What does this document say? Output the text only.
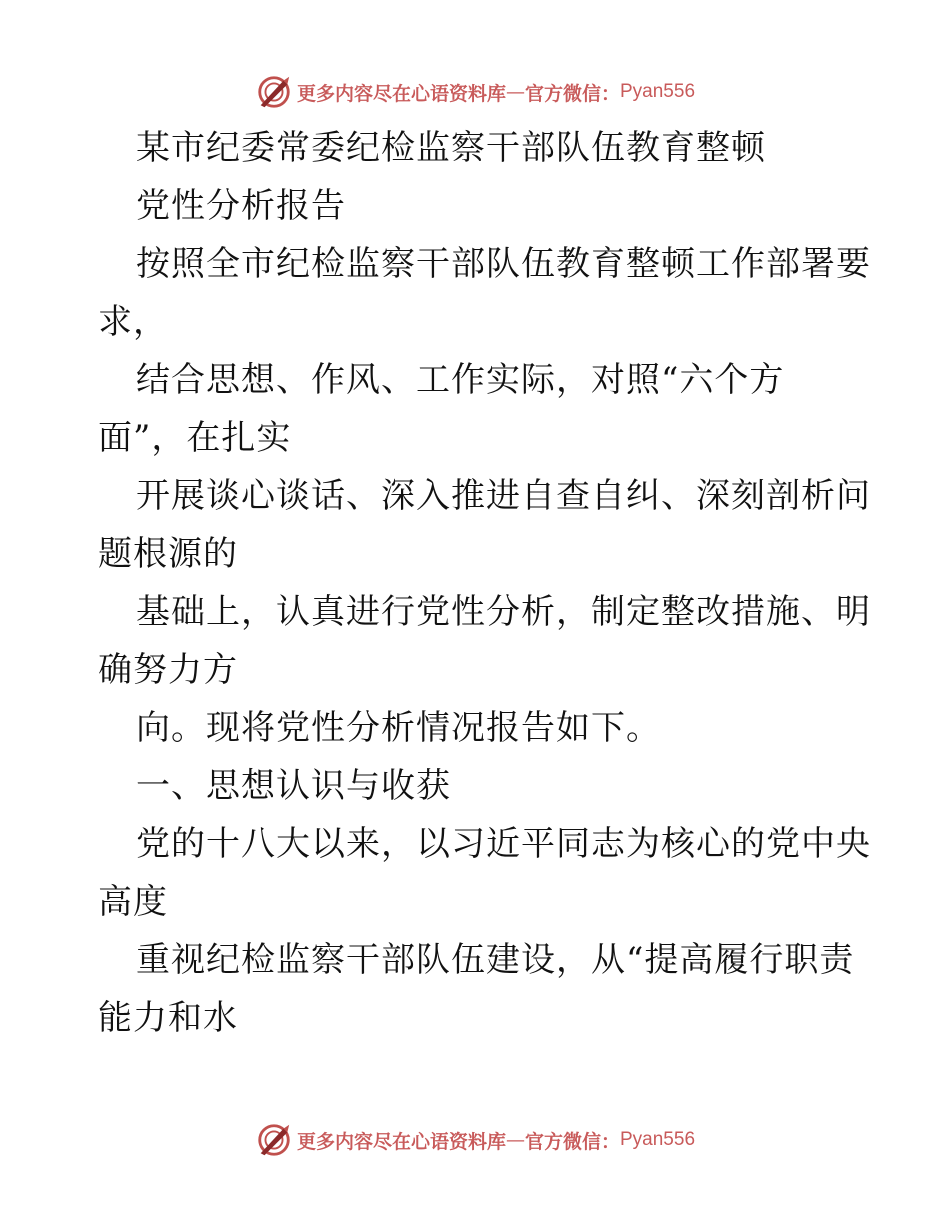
更多内容尽在心语资料库 — 官方微信： Pyan556
某市纪委常委纪检监察干部队伍教育整顿
党性分析报告
按照全市纪检监察干部队伍教育整顿工作部署要
求，
结合思想、作风、工作实际，对照“六个方
面”，在扎实
开展谈心谈话、深入推进自查自纠、深刻剖析问
题根源的
基础上，认真进行党性分析，制定整改措施、明
确努力方
向。现将党性分析情况报告如下。
一、思想认识与收获
党的十八大以来，以习近平同志为核心的党中央
高度
重视纪检监察干部队伍建设，从“提高履行职责
能力和水
更多内容尽在心语资料库 — 官方微信： Pyan556
